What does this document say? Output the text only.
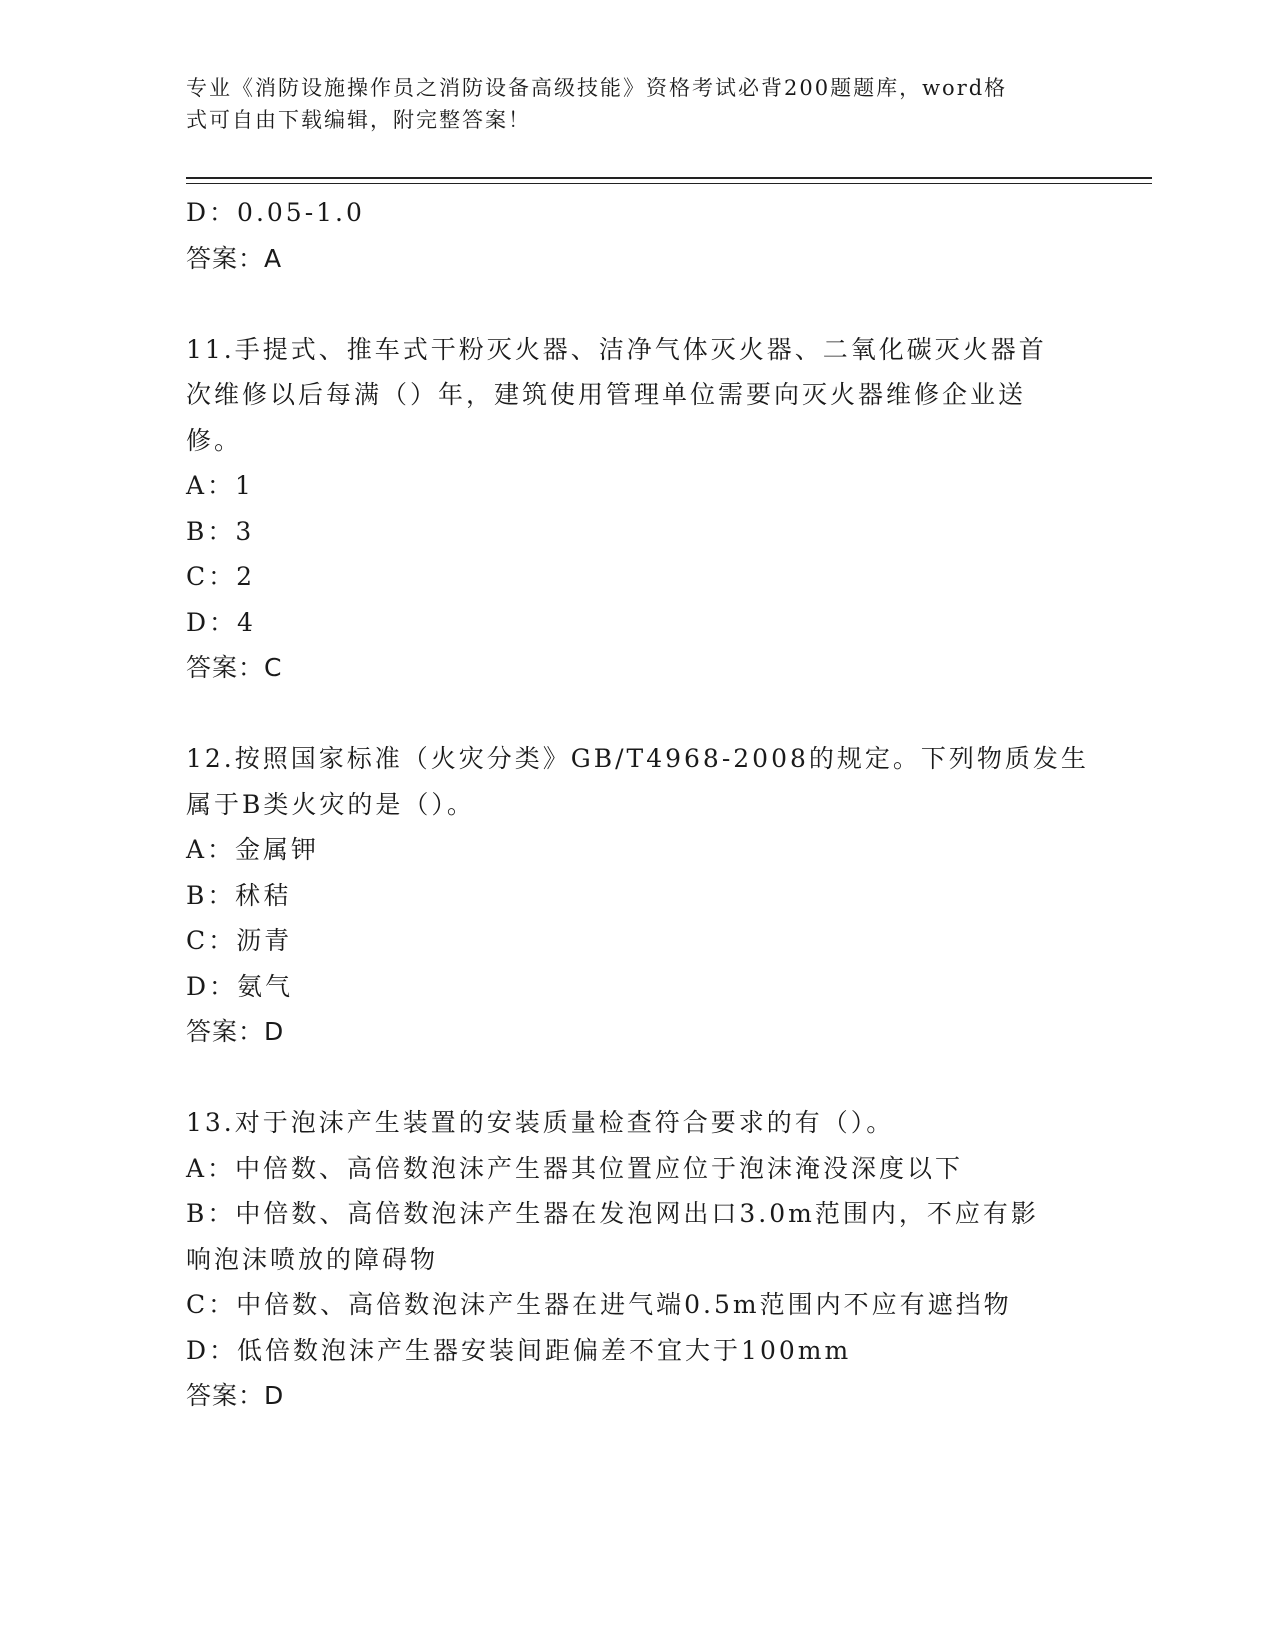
专业《消防设施操作员之消防设备高级技能》资格考试必背200题题库，word格
式可自由下载编辑，附完整答案！
D：0.05-1.0
答案：A
11.手提式、推车式干粉灭火器、洁净气体灭火器、二氧化碳灭火器首
次维修以后每满（）年，建筑使用管理单位需要向灭火器维修企业送
修。
A：1
B：3
C：2
D：4
答案：C
12.按照国家标准（火灾分类》GB/T4968-2008的规定。下列物质发生
属于B类火灾的是（）。
A：金属钾
B：秫秸
C：沥青
D：氨气
答案：D
13.对于泡沫产生装置的安装质量检查符合要求的有（）。
A：中倍数、高倍数泡沫产生器其位置应位于泡沫淹没深度以下
B：中倍数、高倍数泡沫产生器在发泡网出口3.0m范围内，不应有影
响泡沫喷放的障碍物
C：中倍数、高倍数泡沫产生器在进气端0.5m范围内不应有遮挡物
D：低倍数泡沫产生器安装间距偏差不宜大于100mm
答案：D
